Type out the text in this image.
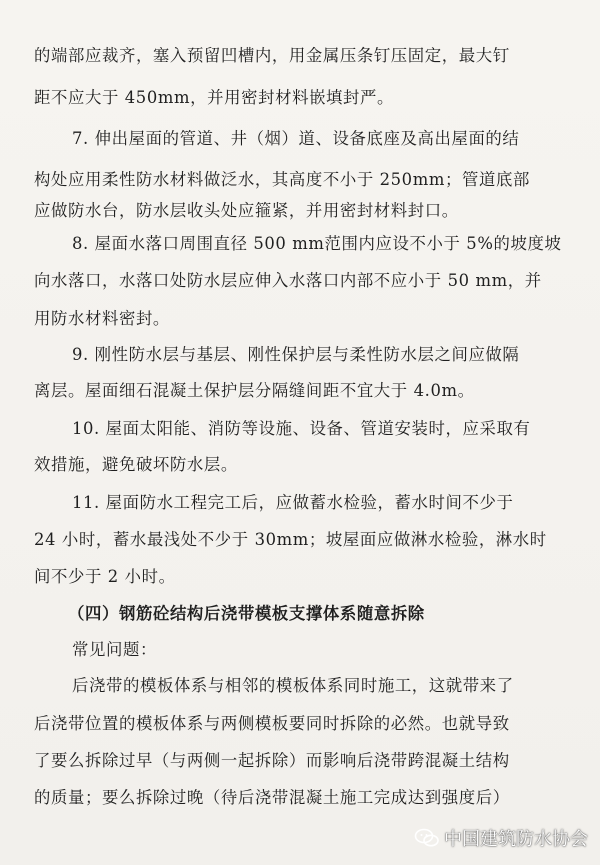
的端部应裁齐，塞入预留凹槽内，用金属压条钉压固定，最大钉
距不应大于 450mm，并用密封材料嵌填封严。
7. 伸出屋面的管道、井（烟）道、设备底座及高出屋面的结
构处应用柔性防水材料做泛水，其高度不小于 250mm；管道底部
应做防水台，防水层收头处应箍紧，并用密封材料封口。
8. 屋面水落口周围直径 500 mm范围内应设不小于 5%的坡度坡
向水落口，水落口处防水层应伸入水落口内部不应小于 50 mm，并
用防水材料密封。
9. 刚性防水层与基层、刚性保护层与柔性防水层之间应做隔
离层。屋面细石混凝土保护层分隔缝间距不宜大于 4.0m。
10. 屋面太阳能、消防等设施、设备、管道安装时，应采取有
效措施，避免破坏防水层。
11. 屋面防水工程完工后，应做蓄水检验，蓄水时间不少于
24 小时，蓄水最浅处不少于 30mm；坡屋面应做淋水检验，淋水时
间不少于 2 小时。
（四）钢筋砼结构后浇带模板支撑体系随意拆除
常见问题：
后浇带的模板体系与相邻的模板体系同时施工，这就带来了
后浇带位置的模板体系与两侧模板要同时拆除的必然。也就导致
了要么拆除过早（与两侧一起拆除）而影响后浇带跨混凝土结构
的质量；要么拆除过晚（待后浇带混凝土施工完成达到强度后）
中国建筑防水协会
